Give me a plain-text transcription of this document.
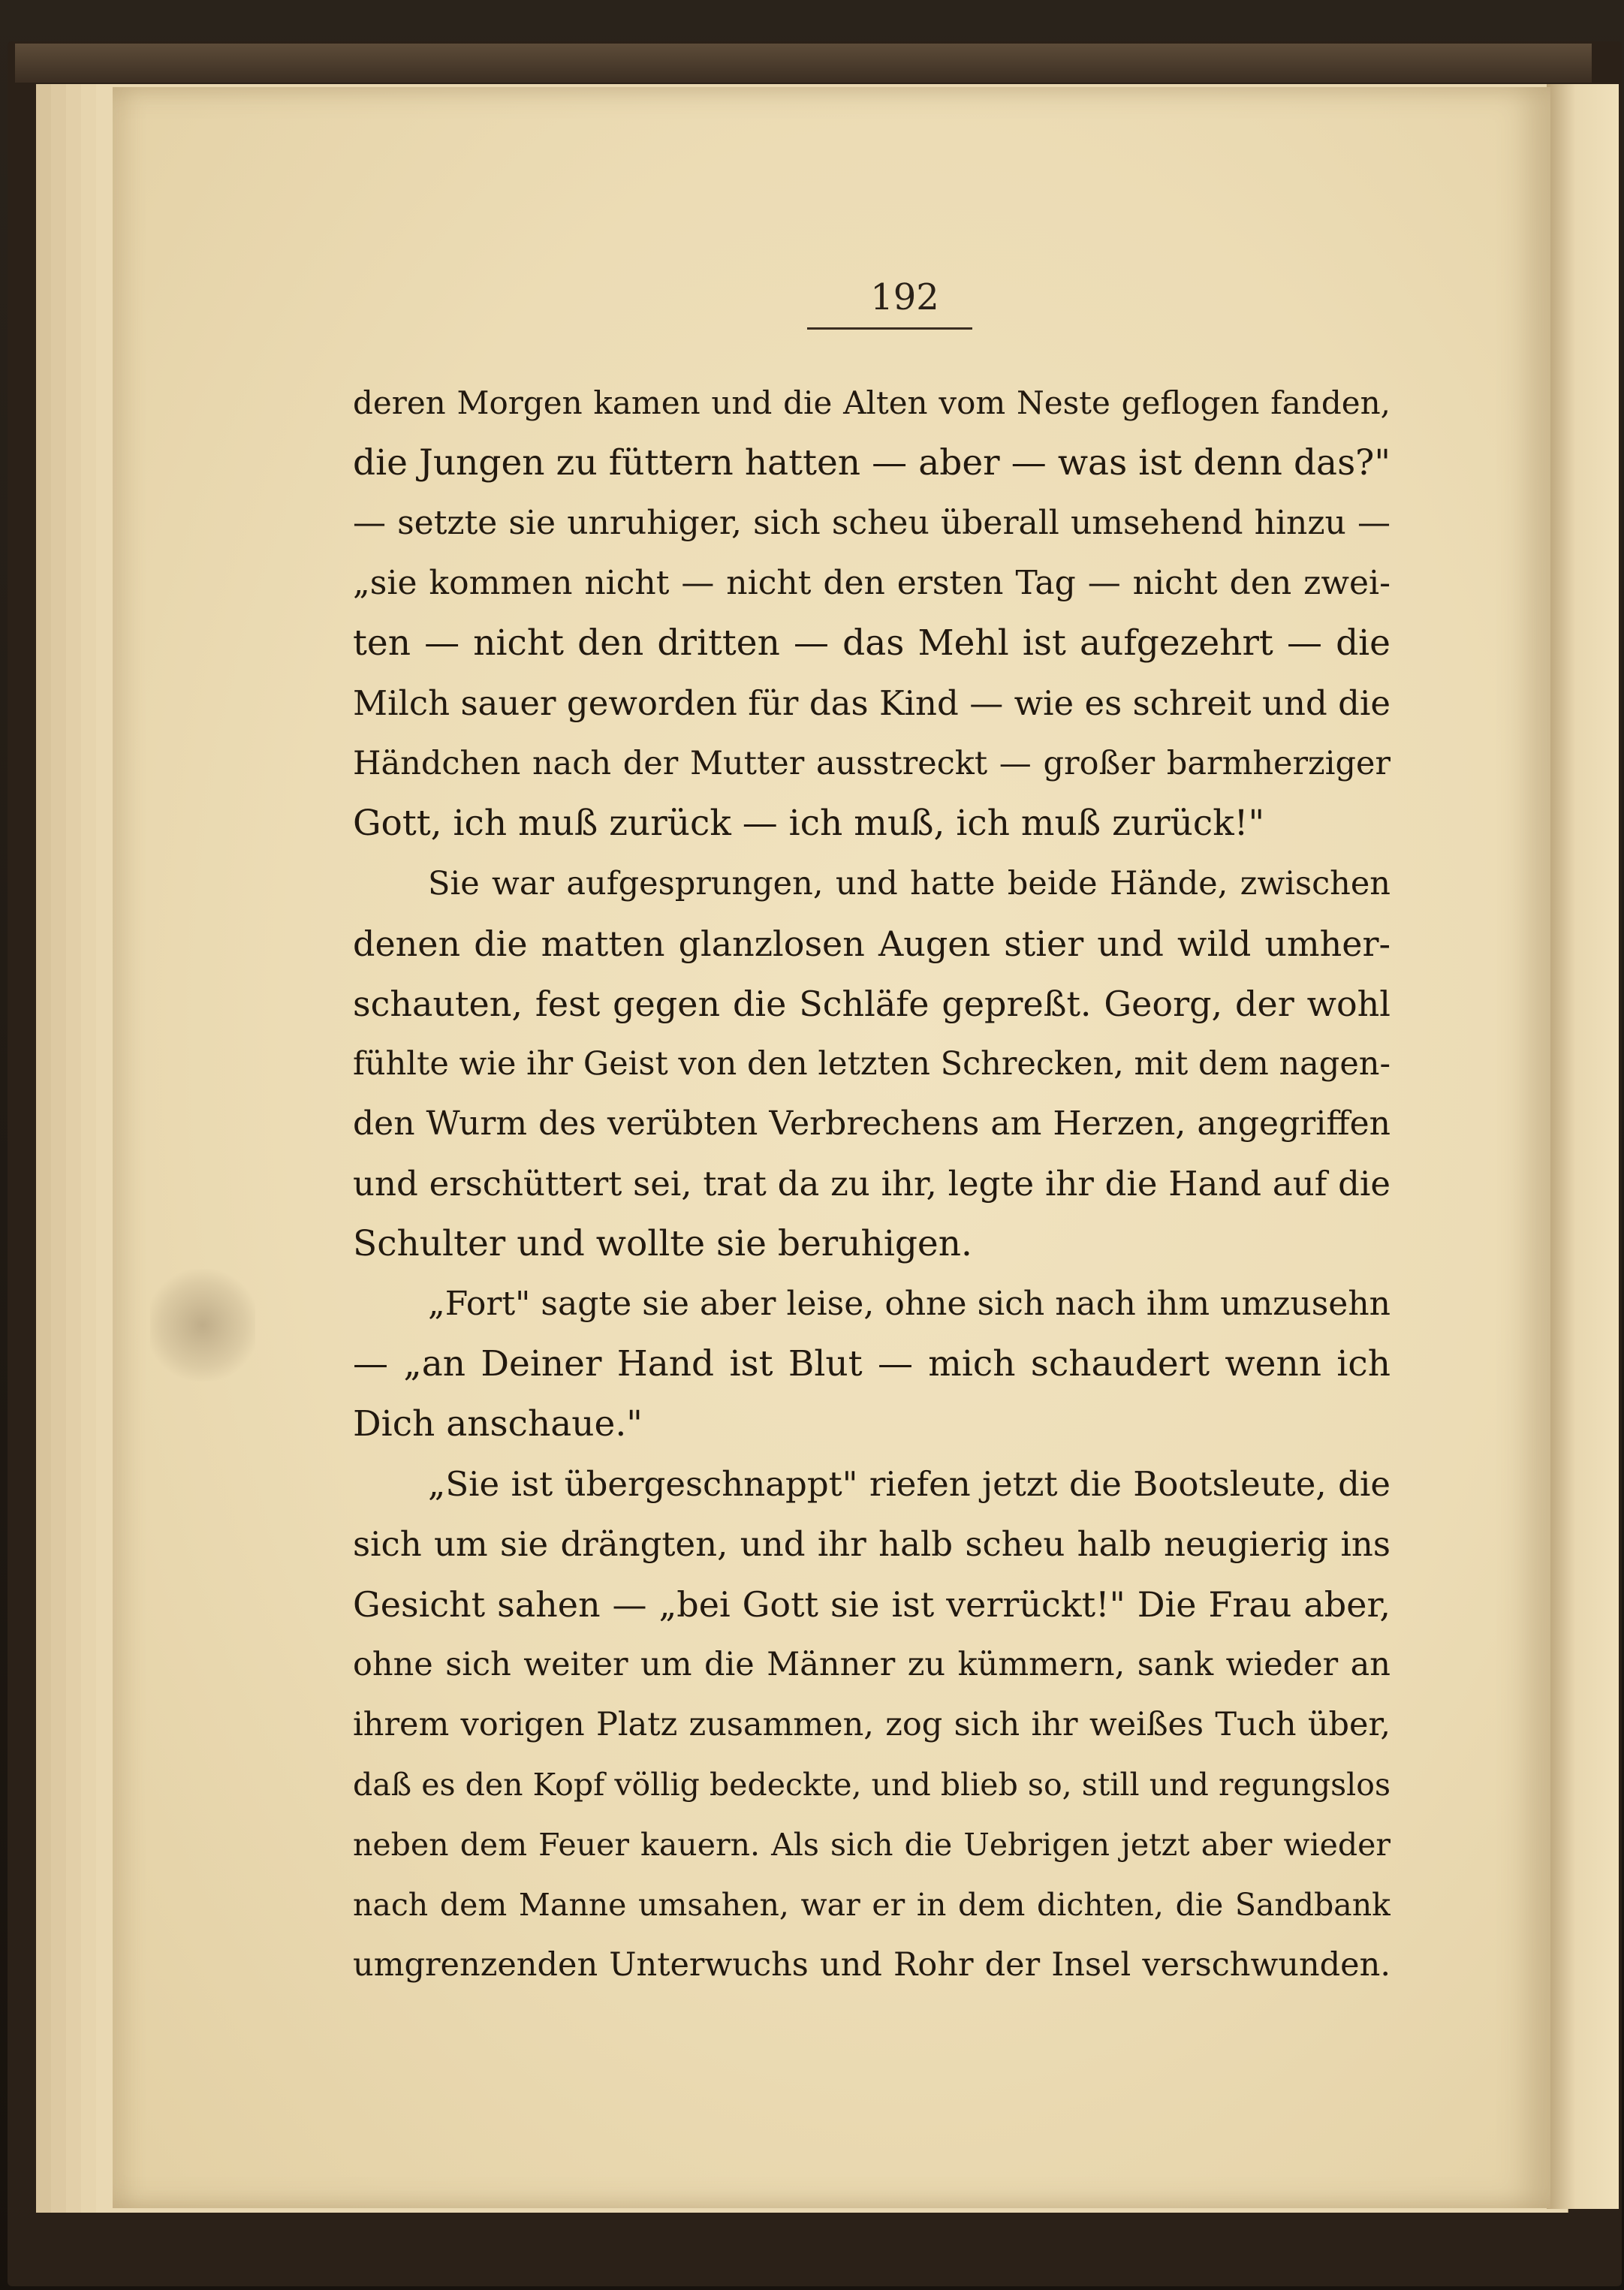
192
deren Morgen kamen und die Alten vom Neste geflogen fanden,
die Jungen zu füttern hatten — aber — was ist denn das?"
— setzte sie unruhiger, sich scheu überall umsehend hinzu —
„sie kommen nicht — nicht den ersten Tag — nicht den zwei-
ten — nicht den dritten — das Mehl ist aufgezehrt — die
Milch sauer geworden für das Kind — wie es schreit und die
Händchen nach der Mutter ausstreckt — großer barmherziger
Gott, ich muß zurück — ich muß, ich muß zurück!"
Sie war aufgesprungen, und hatte beide Hände, zwischen
denen die matten glanzlosen Augen stier und wild umher-
schauten, fest gegen die Schläfe gepreßt. Georg, der wohl
fühlte wie ihr Geist von den letzten Schrecken, mit dem nagen-
den Wurm des verübten Verbrechens am Herzen, angegriffen
und erschüttert sei, trat da zu ihr, legte ihr die Hand auf die
Schulter und wollte sie beruhigen.
„Fort" sagte sie aber leise, ohne sich nach ihm umzusehn
— „an Deiner Hand ist Blut — mich schaudert wenn ich
Dich anschaue."
„Sie ist übergeschnappt" riefen jetzt die Bootsleute, die
sich um sie drängten, und ihr halb scheu halb neugierig ins
Gesicht sahen — „bei Gott sie ist verrückt!" Die Frau aber,
ohne sich weiter um die Männer zu kümmern, sank wieder an
ihrem vorigen Platz zusammen, zog sich ihr weißes Tuch über,
daß es den Kopf völlig bedeckte, und blieb so, still und regungslos
neben dem Feuer kauern. Als sich die Uebrigen jetzt aber wieder
nach dem Manne umsahen, war er in dem dichten, die Sandbank
umgrenzenden Unterwuchs und Rohr der Insel verschwunden.
